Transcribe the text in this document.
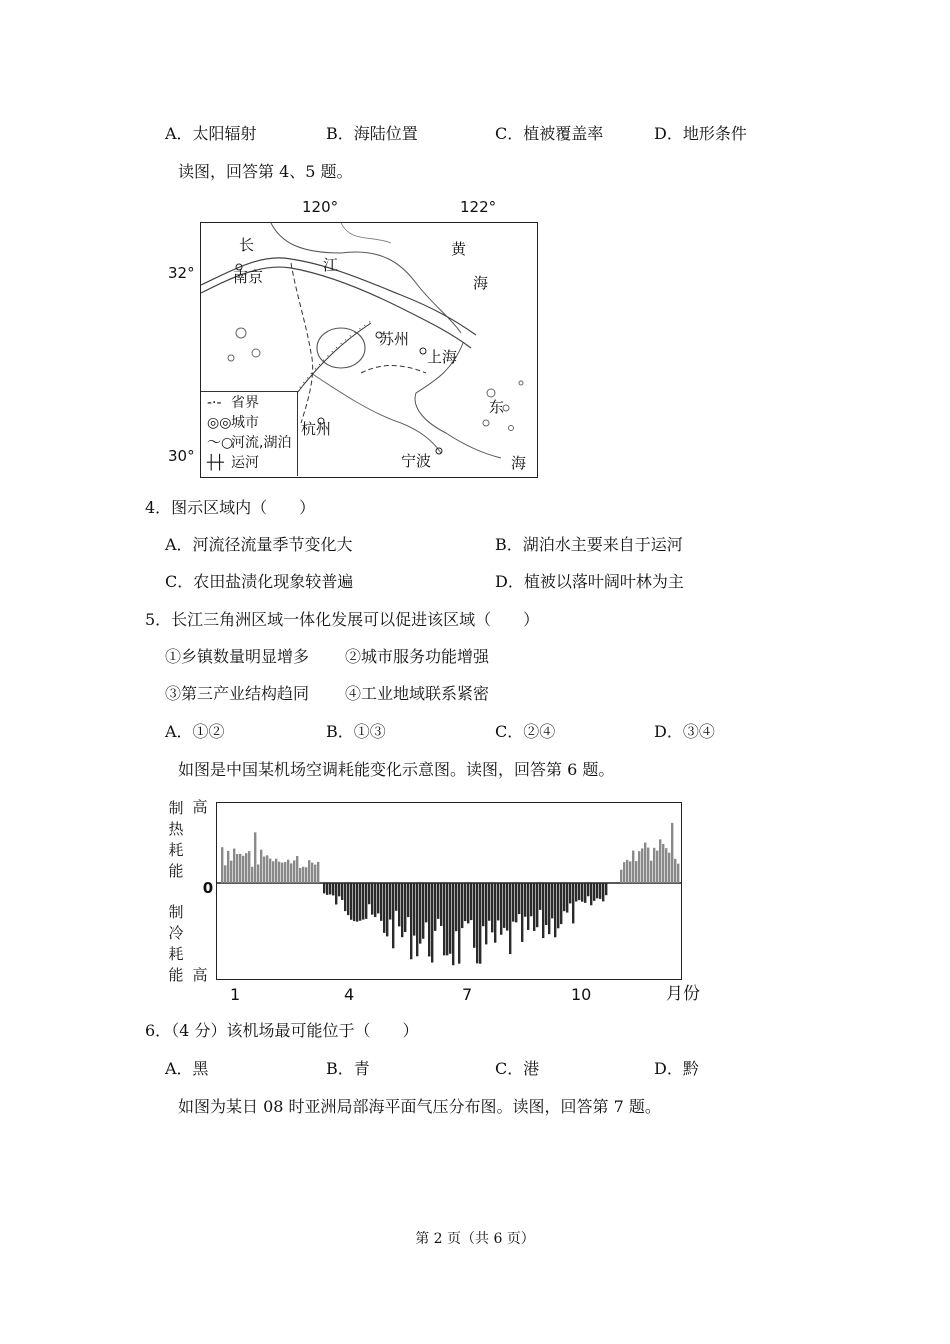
A．太阳辐射	B．海陆位置	C．植被覆盖率	D．地形条件
读图，回答第 4、5 题。
120°	122°
32°
30°
长
江
南京
黄
海
苏州
上海
东
杭州
宁波	海
-·- 省界
◎◎城市
〜○河流,湖泊
┼┼ 运河
4．图示区域内（　　）
A．河流径流量季节变化大	B．湖泊水主要来自于运河
C．农田盐渍化现象较普遍	D．植被以落叶阔叶林为主
5．长江三角洲区域一体化发展可以促进该区域（　　）
①乡镇数量明显增多 ②城市服务功能增强
③第三产业结构趋同 ④工业地域联系紧密
A．①②	B．①③	C．②④	D．③④
如图是中国某机场空调耗能变化示意图。读图，回答第 6 题。
制
热
耗
能
高
0
制
冷
耗
能 高
1	4	7	10	月份
6．（4 分）该机场最可能位于（　　）
A．黑	B．青	C．港	D．黔
如图为某日 08 时亚洲局部海平面气压分布图。读图，回答第 7 题。
第 2 页（共 6 页）
